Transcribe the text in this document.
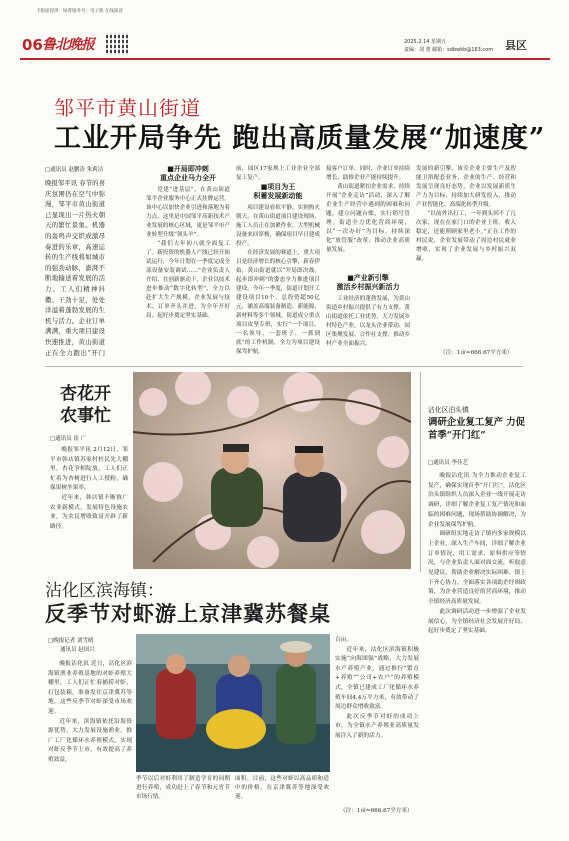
卡版面提供：绿菁服务号；电子版 在线阅读
06 鲁北晚报	2025.2.14 星期五
责编：刘 蕾 邮箱：sdbwkb@163.com 县区
邹平市黄山街道
工业开局争先 跑出高质量发展“加速度”
□通讯员 赵鹏涛 朱莉洁
晚报邹平讯 春节的喜庆氛围仍在空气中弥漫，邹平市黄山街道已显现出一片热火朝天的繁忙景象。机器的轰鸣声交织成激昂奏进的乐章，高速运转的生产线将如城市的强劲动脉，澎湃不断地输送着发展的活力。工人们精神抖擞、干劲十足，处处洋溢着蓬勃发展的生机与活力。企业订单满满，重大项目建设快速推进，黄山街道正在全力跑出“开门
■开局即冲刺
重点企业马力全开

党建“进基层”，在黄山街道邹平企业服务中心正式挂牌运营。该中心以加快企业引进和落地为着力点，这里是中国邹平高新技术产业发展的核心区域，更是邹平市产业转型升级“领头羊”。

“我们大年初八就全面复工了。新投资的机器人产线已经开始试运行，今年计划在一季度完成全部设备安装调试……”企业负责人介绍，在创新驱动下，企业以技术进步推动“数字化转型”，全力以赴扩大生产规模，企业发展与技术、订单齐头并进，为全年开好局、起好步奠定坚实基础。

前，园区17家规上工业企业全部复工复产。

■项目为王
积蓄发展新动能

项目建设看似平静，实则热火朝天。在黄山街道项目建设现场，施工人员正在加紧作业，大型机械设备来回穿梭，确保项目早日建成投产。

在经济发展的赛道上，重大项目是经济增长的核心引擎，新春伊始，黄山街道就以“开局即决战，起步即冲刺”的姿态全力推进项目建设。今年一季度，街道计划开工建设项目10个，总投资超50亿元，涵盖高端装备制造、新能源、新材料等多个领域。街道成立重点项目攻坚专班，实行“一个项目、一名领导、一套班子、一抓到底”的工作机制，全力为项目建设保驾护航。

接客户订单，同时，企业订单持续增长，助推企业产能持续提升。

黄山街道紧扣企业需求，持续开展“企业走访”活动，深入了解企业生产经营中遇到的困难和问题，建立问题台账，实行销号管理。街道全力优化营商环境，以“一次办好”为目标，持续深化“放管服”改革，推动企业高质量发展。

■产业新引擎
激活乡村振兴新活力

工业经济的蓬勃发展，为黄山街道乡村振兴提供了有力支撑。黄山街道依托工业优势，大力发展乡村特色产业，以龙头企业带动、园区集聚发展、合作社支撑，推动乡村产业全面振兴。

发展的新引擎。该室企业主要生产及智能卫浴配套业务，企业的生产、经营和发展呈现良好态势，企业以发展新质生产力为目标，持续加大研发投入，推动产业智能化、高端化转型升级。

“以前外出打工，一年到头回不了几次家，现在在家门口的企业上班，收入稳定，还能照顾家里老小。”正在工作的村民说，企业发展带动了周边村民就业增收，实现了企业发展与乡村振兴双赢。

（注：1亩≈666.67平方米）
杏花开
农事忙
□通讯员 崔 广

晚报邹平讯 2月12日，邹平市韩店镇苏家村杜民先大棚里，杏花争相绽放，工人们正忙着为杏树进行人工授粉，确保果树坐果率。

近年来，韩店镇不断推广农业新模式，发展特色设施农业，为农民增收致富开辟了新路径。

沾化区泊头镇
调研企业复工复产 力促首季“开门红”
□通讯员 李佳艺

晚报沾化讯 为全力推动企业复工复产，确保实现首季“开门红”，沾化区泊头镇组织人员深入企业一线开展走访调研，详细了解企业复工复产情况和面临的困难问题，现场帮助协调解决，为企业发展保驾护航。

调研组实地走访了镇内多家规模以上企业，深入生产车间，详细了解企业订单情况、用工需求、原料供应等情况，与企业负责人面对面交流，听取意见建议，帮助企业解决实际困难。镇上下齐心协力，全面落实各项助企纾困政策，为企业营造良好的营商环境，推动全镇经济高质量发展。

此次调研活动进一步增强了企业发展信心，为全镇经济社会发展开好局、起好步奠定了坚实基础。

沾化区滨海镇：
反季节对虾游上京津冀苏餐桌
□晚报记者 刘雪晴
通讯员 赵国兴

晚报沾化讯 近日，沾化区滨海镇渔业养殖基地的对虾养殖大棚里，工人们正忙着捕捞对虾，打包装箱，准备发往京津冀苏等地，这些反季节对虾深受市场欢迎。

近年来，滨海镇依托沿海资源优势，大力发展设施渔业，推广工厂化循环水养殖模式，实现对虾反季节上市，有效提高了养殖效益。

季节以后对虾利用了制造学育的同期进行养殖，成功赶上了春节和元宵节市场行情。
面积。目前，这些对虾以高品质和适中的价格，在京津冀苏等地深受欢迎。

百亩。

近年来，沾化区滨海镇积极实施“向海图强”战略，大力发展水产养殖产业，通过推行“繁育+养殖”“公司+农户”的养殖模式，全镇已建成工厂化循环水养殖车间4.4万平方米，有效带动了周边群众增收致富。

此次反季节对虾的成功上市，为全镇水产养殖业高质量发展注入了新的活力。

（注：1亩≈666.67平方米）
